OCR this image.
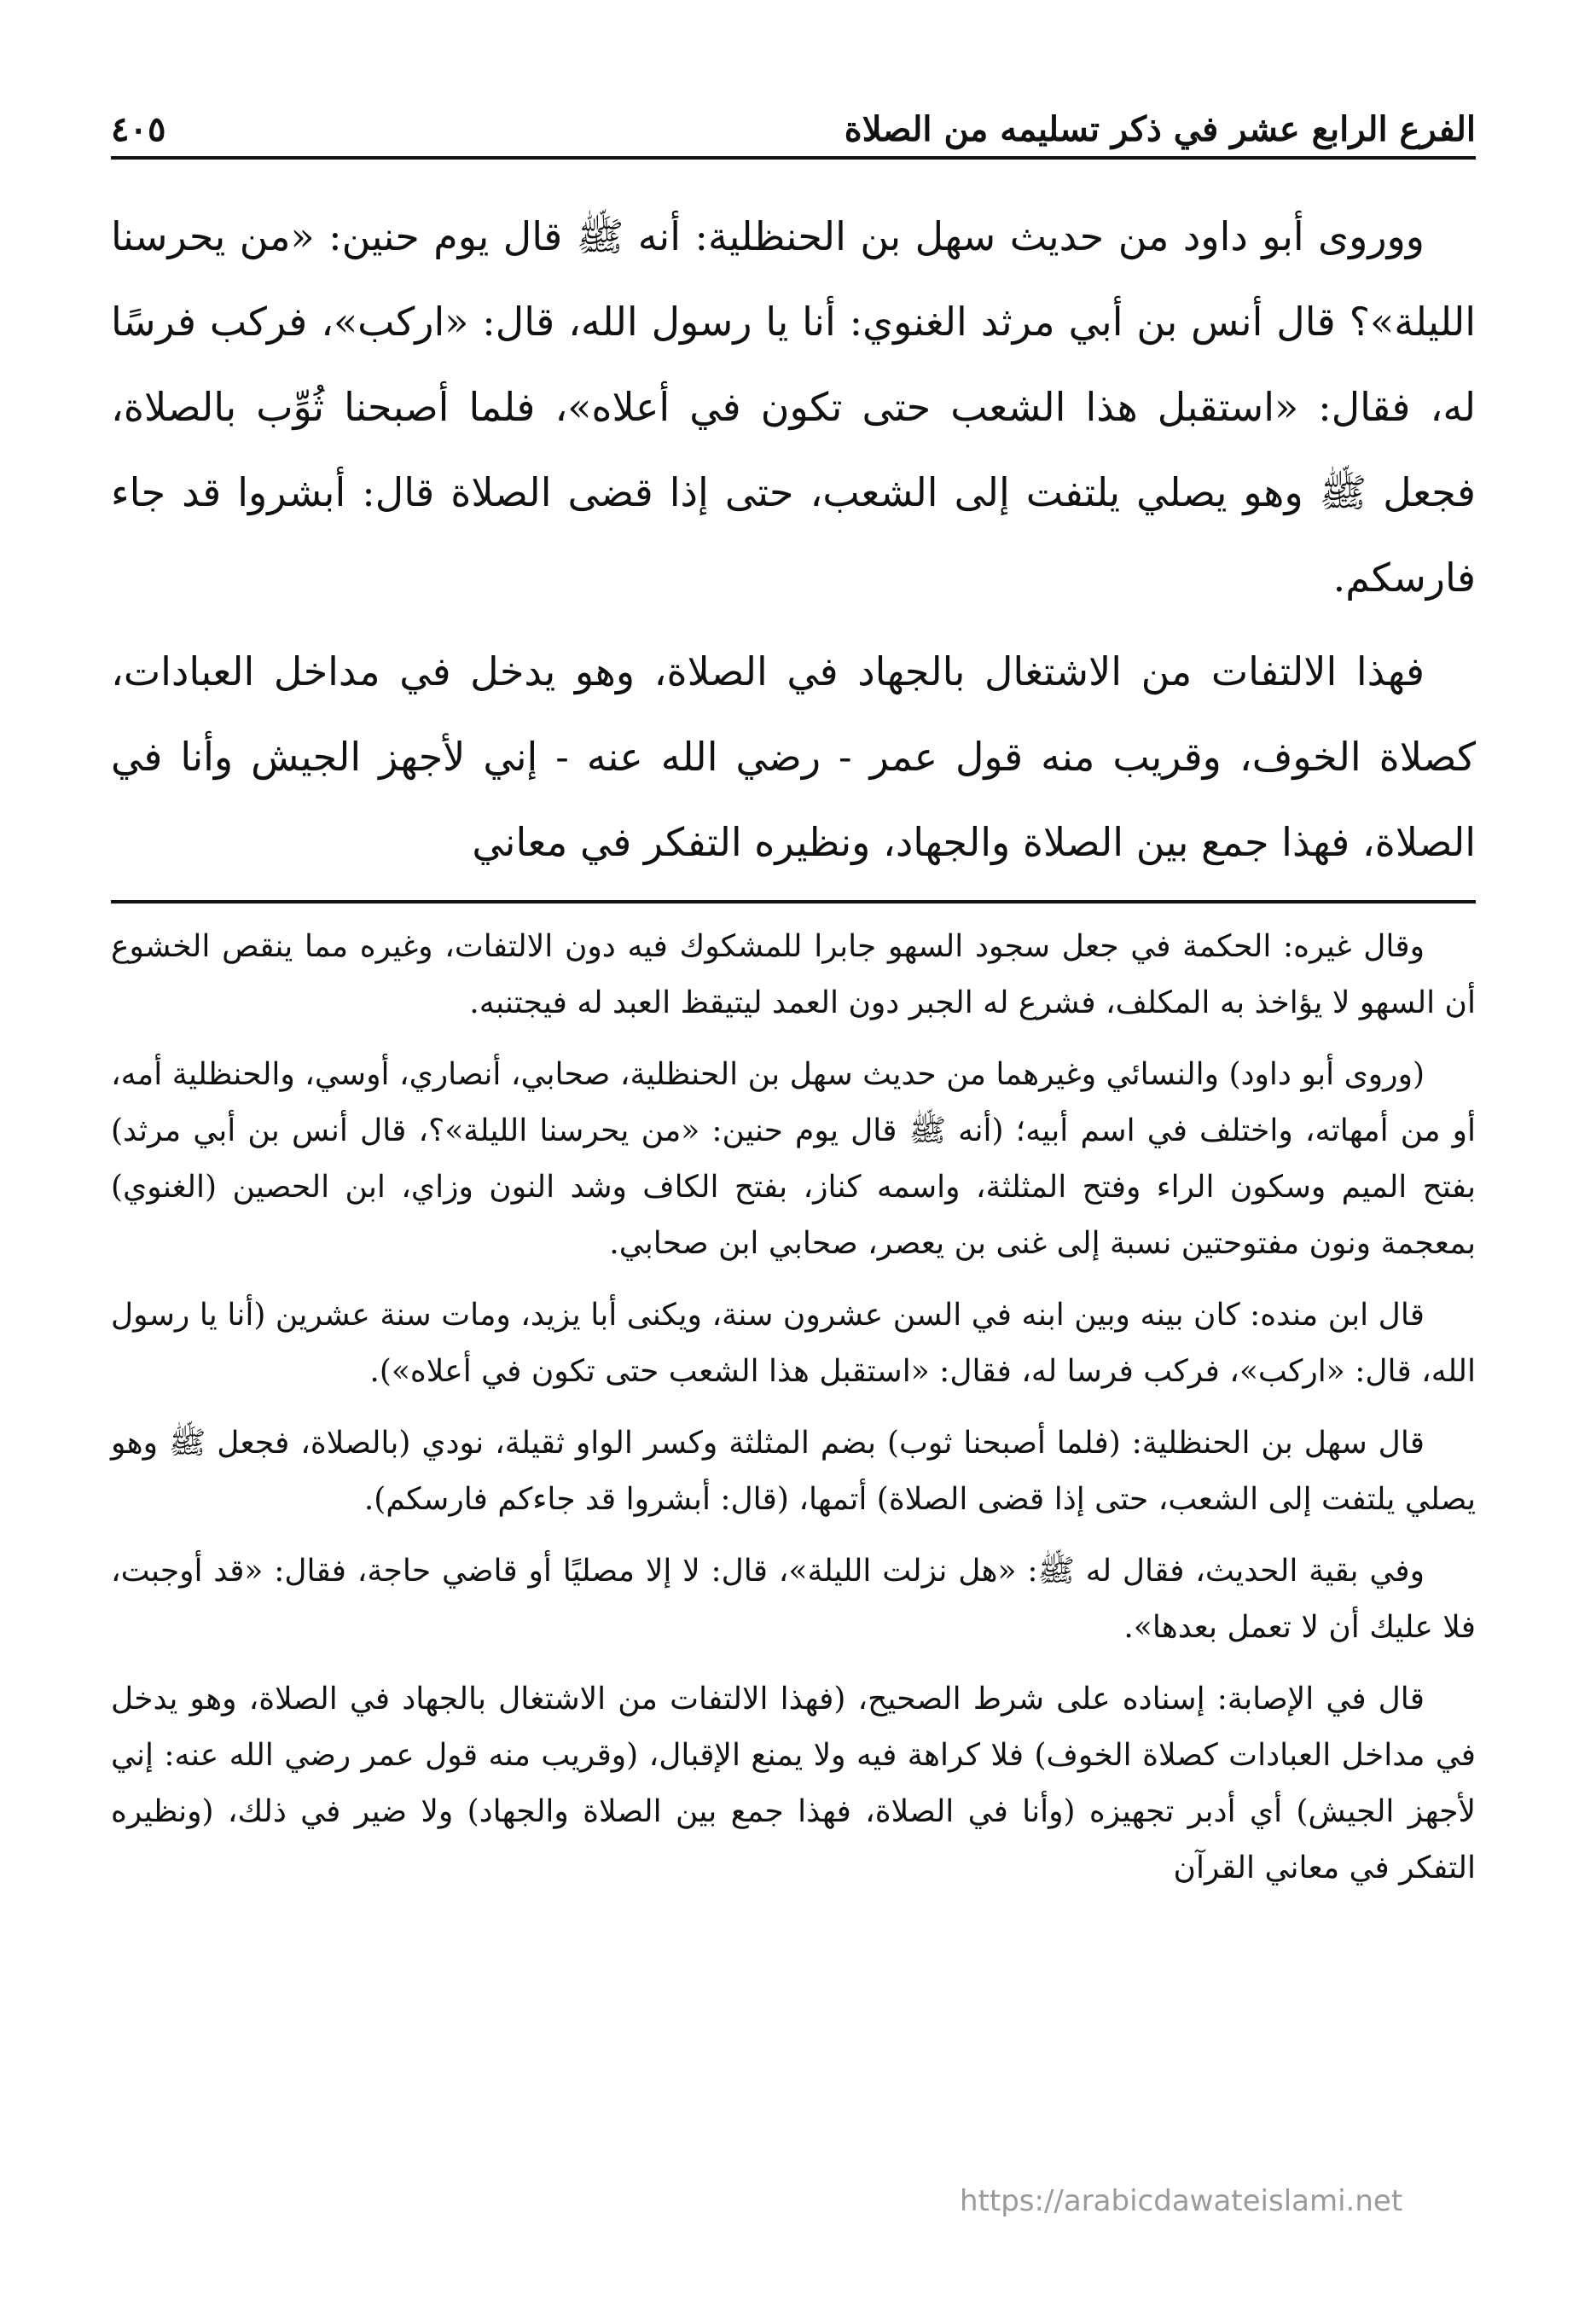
الفرع الرابع عشر في ذكر تسليمه من الصلاة
٤٠٥

ووروى أبو داود من حديث سهل بن الحنظلية: أنه ﷺ قال يوم حنين: «من يحرسنا الليلة»؟ قال أنس بن أبي مرثد الغنوي: أنا يا رسول الله، قال: «اركب»، فركب فرسًا له، فقال: «استقبل هذا الشعب حتى تكون في أعلاه»، فلما أصبحنا ثُوِّب بالصلاة، فجعل ﷺ وهو يصلي يلتفت إلى الشعب، حتى إذا قضى الصلاة قال: أبشروا قد جاء فارسكم.

فهذا الالتفات من الاشتغال بالجهاد في الصلاة، وهو يدخل في مداخل العبادات، كصلاة الخوف، وقريب منه قول عمر - رضي الله عنه - إني لأجهز الجيش وأنا في الصلاة، فهذا جمع بين الصلاة والجهاد، ونظيره التفكر في معاني

وقال غيره: الحكمة في جعل سجود السهو جابرا للمشكوك فيه دون الالتفات، وغيره مما ينقص الخشوع أن السهو لا يؤاخذ به المكلف، فشرع له الجبر دون العمد ليتيقظ العبد له فيجتنبه.

(وروى أبو داود) والنسائي وغيرهما من حديث سهل بن الحنظلية، صحابي، أنصاري، أوسي، والحنظلية أمه، أو من أمهاته، واختلف في اسم أبيه؛ (أنه ﷺ قال يوم حنين: «من يحرسنا الليلة»؟، قال أنس بن أبي مرثد) بفتح الميم وسكون الراء وفتح المثلثة، واسمه كناز، بفتح الكاف وشد النون وزاي، ابن الحصين (الغنوي) بمعجمة ونون مفتوحتين نسبة إلى غنى بن يعصر، صحابي ابن صحابي.

قال ابن منده: كان بينه وبين ابنه في السن عشرون سنة، ويكنى أبا يزيد، ومات سنة عشرين (أنا يا رسول الله، قال: «اركب»، فركب فرسا له، فقال: «استقبل هذا الشعب حتى تكون في أعلاه»).

قال سهل بن الحنظلية: (فلما أصبحنا ثوب) بضم المثلثة وكسر الواو ثقيلة، نودي (بالصلاة، فجعل ﷺ وهو يصلي يلتفت إلى الشعب، حتى إذا قضى الصلاة) أتمها، (قال: أبشروا قد جاءكم فارسكم).

وفي بقية الحديث، فقال له ﷺ: «هل نزلت الليلة»، قال: لا إلا مصليًا أو قاضي حاجة، فقال: «قد أوجبت، فلا عليك أن لا تعمل بعدها».

قال في الإصابة: إسناده على شرط الصحيح، (فهذا الالتفات من الاشتغال بالجهاد في الصلاة، وهو يدخل في مداخل العبادات كصلاة الخوف) فلا كراهة فيه ولا يمنع الإقبال، (وقريب منه قول عمر رضي الله عنه: إني لأجهز الجيش) أي أدبر تجهيزه (وأنا في الصلاة، فهذا جمع بين الصلاة والجهاد) ولا ضير في ذلك، (ونظيره التفكر في معاني القرآن

https://arabicdawateislami.net
